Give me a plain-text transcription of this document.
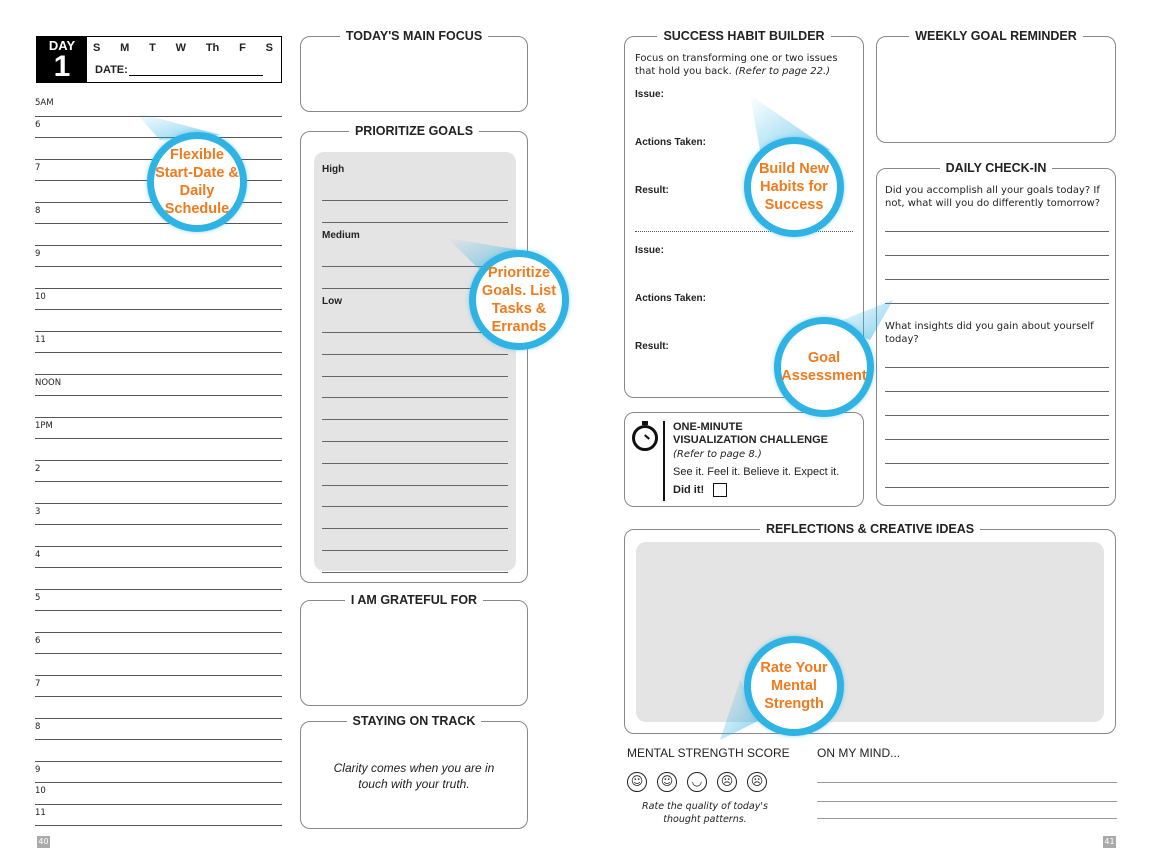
DAY
1
S M T W Th F S
DATE:
5AM
6
7
8
9
10
11
NOON
1PM
2
3
4
5
6
7
8
9
10
11
TODAY'S MAIN FOCUS
PRIORITIZE GOALS
High
Medium
Low
I AM GRATEFUL FOR
STAYING ON TRACK
Clarity comes when you are in touch with your truth.
SUCCESS HABIT BUILDER
Focus on transforming one or two issues that hold you back. (Refer to page 22.)
Issue:
Actions Taken:
Result:
Issue:
Actions Taken:
Result:
WEEKLY GOAL REMINDER
DAILY CHECK-IN
Did you accomplish all your goals today? If not, what will you do differently tomorrow?
What insights did you gain about yourself today?
ONE-MINUTE
VISUALIZATION CHALLENGE
(Refer to page 8.)
See it. Feel it. Believe it. Expect it.
Did it!
REFLECTIONS & CREATIVE IDEAS
MENTAL STRENGTH SCORE
☺ ☺ ◡ ☹ ☹
Rate the quality of today's thought patterns.
ON MY MIND...
40	41
Flexible Start-Date & Daily Schedule
Prioritize Goals. List Tasks & Errands
Build New Habits for Success
Goal Assessment
Rate Your Mental Strength
